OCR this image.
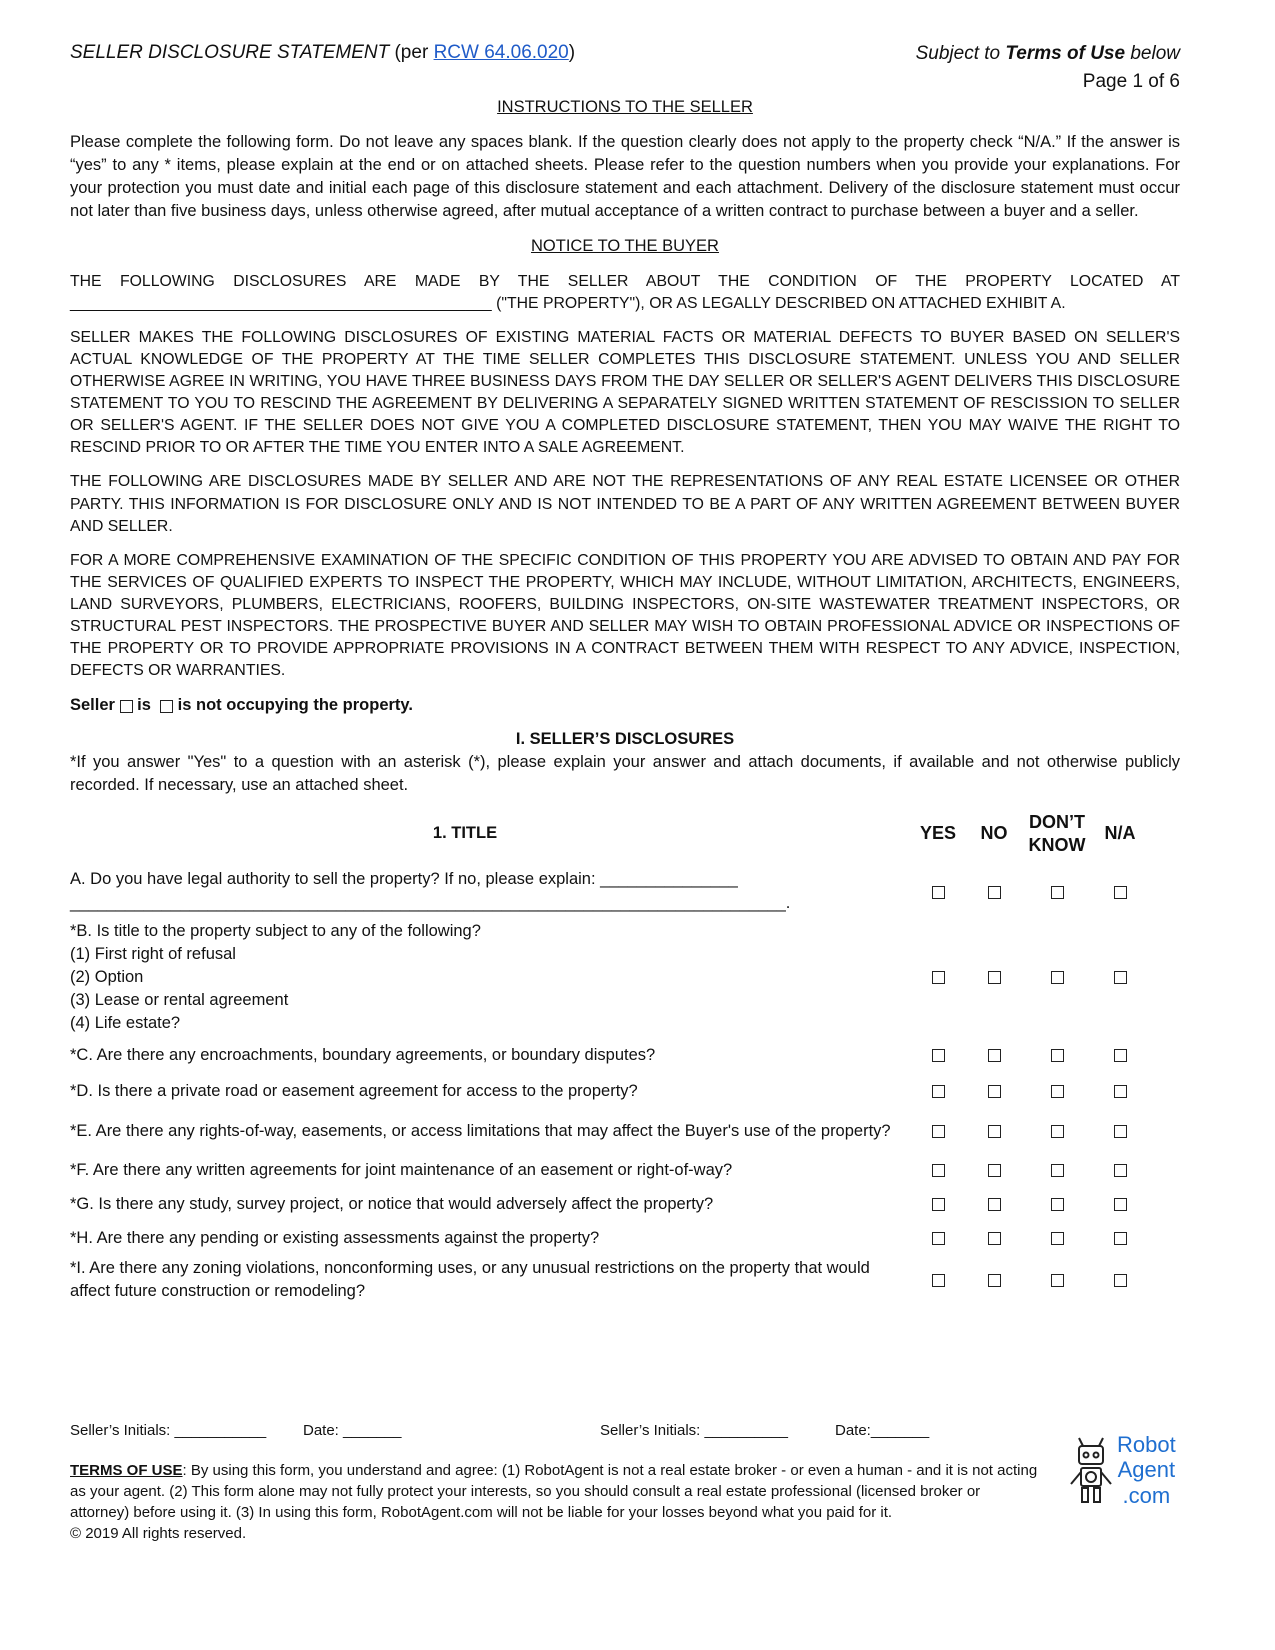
SELLER DISCLOSURE STATEMENT (per RCW 64.06.020)	Subject to Terms of Use below
Page 1 of 6
INSTRUCTIONS TO THE SELLER

Please complete the following form. Do not leave any spaces blank. If the question clearly does not apply to the property check “N/A.” If the answer is “yes” to any * items, please explain at the end or on attached sheets. Please refer to the question numbers when you provide your explanations. For your protection you must date and initial each page of this disclosure statement and each attachment. Delivery of the disclosure statement must occur not later than five business days, unless otherwise agreed, after mutual acceptance of a written contract to purchase between a buyer and a seller.

NOTICE TO THE BUYER

THE FOLLOWING DISCLOSURES ARE MADE BY THE SELLER ABOUT THE CONDITION OF THE PROPERTY LOCATED AT ________________________________________________ ("THE PROPERTY"), OR AS LEGALLY DESCRIBED ON ATTACHED EXHIBIT A.

SELLER MAKES THE FOLLOWING DISCLOSURES OF EXISTING MATERIAL FACTS OR MATERIAL DEFECTS TO BUYER BASED ON SELLER'S ACTUAL KNOWLEDGE OF THE PROPERTY AT THE TIME SELLER COMPLETES THIS DISCLOSURE STATEMENT. UNLESS YOU AND SELLER OTHERWISE AGREE IN WRITING, YOU HAVE THREE BUSINESS DAYS FROM THE DAY SELLER OR SELLER'S AGENT DELIVERS THIS DISCLOSURE STATEMENT TO YOU TO RESCIND THE AGREEMENT BY DELIVERING A SEPARATELY SIGNED WRITTEN STATEMENT OF RESCISSION TO SELLER OR SELLER'S AGENT. IF THE SELLER DOES NOT GIVE YOU A COMPLETED DISCLOSURE STATEMENT, THEN YOU MAY WAIVE THE RIGHT TO RESCIND PRIOR TO OR AFTER THE TIME YOU ENTER INTO A SALE AGREEMENT.

THE FOLLOWING ARE DISCLOSURES MADE BY SELLER AND ARE NOT THE REPRESENTATIONS OF ANY REAL ESTATE LICENSEE OR OTHER PARTY. THIS INFORMATION IS FOR DISCLOSURE ONLY AND IS NOT INTENDED TO BE A PART OF ANY WRITTEN AGREEMENT BETWEEN BUYER AND SELLER.

FOR A MORE COMPREHENSIVE EXAMINATION OF THE SPECIFIC CONDITION OF THIS PROPERTY YOU ARE ADVISED TO OBTAIN AND PAY FOR THE SERVICES OF QUALIFIED EXPERTS TO INSPECT THE PROPERTY, WHICH MAY INCLUDE, WITHOUT LIMITATION, ARCHITECTS, ENGINEERS, LAND SURVEYORS, PLUMBERS, ELECTRICIANS, ROOFERS, BUILDING INSPECTORS, ON-SITE WASTEWATER TREATMENT INSPECTORS, OR STRUCTURAL PEST INSPECTORS. THE PROSPECTIVE BUYER AND SELLER MAY WISH TO OBTAIN PROFESSIONAL ADVICE OR INSPECTIONS OF THE PROPERTY OR TO PROVIDE APPROPRIATE PROVISIONS IN A CONTRACT BETWEEN THEM WITH RESPECT TO ANY ADVICE, INSPECTION, DEFECTS OR WARRANTIES.

Seller is is not occupying the property.
I. SELLER’S DISCLOSURES

*If you answer "Yes" to a question with an asterisk (*), please explain your answer and attach documents, if available and not otherwise publicly recorded. If necessary, use an attached sheet.

1. TITLE	YES	NO	DON’T
KNOW	N/A	

A. Do you have legal authority to sell the property? If no, please explain: _______________
______________________________________________________________________________.					

*B. Is title to the property subject to any of the following?
(1) First right of refusal
(2) Option
(3) Lease or rental agreement
(4) Life estate?					

*C. Are there any encroachments, boundary agreements, or boundary disputes?					

*D. Is there a private road or easement agreement for access to the property?					

*E. Are there any rights-of-way, easements, or access limitations that may affect the Buyer's use of the property?					

*F. Are there any written agreements for joint maintenance of an easement or right-of-way?					

*G. Is there any study, survey project, or notice that would adversely affect the property?					

*H. Are there any pending or existing assessments against the property?					

*I. Are there any zoning violations, nonconforming uses, or any unusual restrictions on the property that would affect future construction or remodeling?					

Seller’s Initials: ___________ Date: _______	Seller’s Initials: __________	Date:_______
TERMS OF USE: By using this form, you understand and agree: (1) RobotAgent is not a real estate broker - or even a human - and it is not acting as your agent. (2) This form alone may not fully protect your interests, so you should consult a real estate professional (licensed broker or attorney) before using it. (3) In using this form, RobotAgent.com will not be liable for your losses beyond what you paid for it.
© 2019 All rights reserved.
Robot
Agent
.com
